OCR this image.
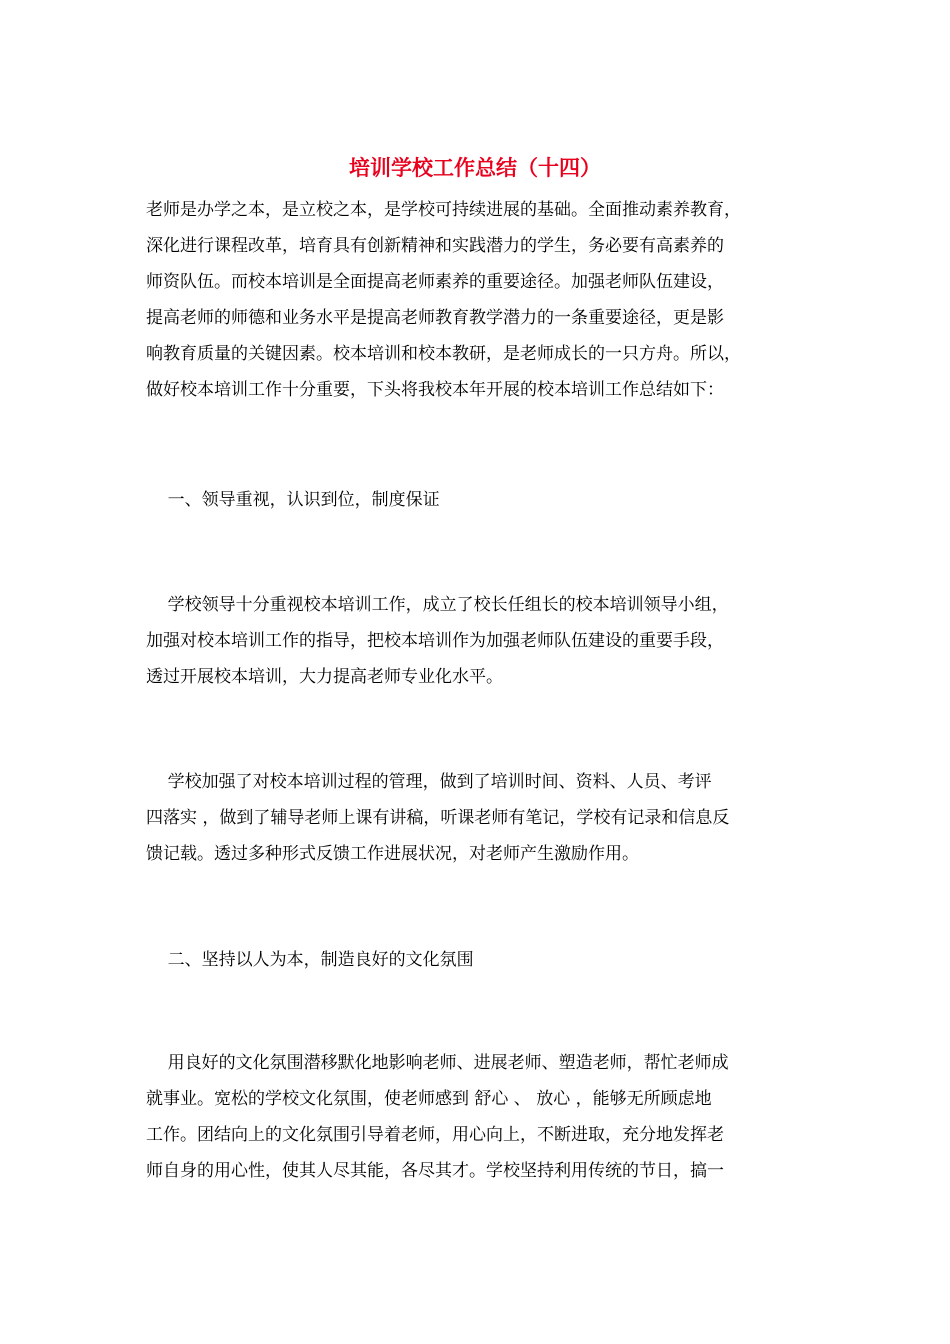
培训学校工作总结（十四）

老师是办学之本，是立校之本，是学校可持续进展的基础。全面推动素养教育，

深化进行课程改革，培育具有创新精神和实践潜力的学生，务必要有高素养的

师资队伍。而校本培训是全面提高老师素养的重要途径。加强老师队伍建设，

提高老师的师德和业务水平是提高老师教育教学潜力的一条重要途径，更是影

响教育质量的关键因素。校本培训和校本教研，是老师成长的一只方舟。所以，

做好校本培训工作十分重要，下头将我校本年开展的校本培训工作总结如下：

一、领导重视，认识到位，制度保证

学校领导十分重视校本培训工作，成立了校长任组长的校本培训领导小组，

加强对校本培训工作的指导，把校本培训作为加强老师队伍建设的重要手段，

透过开展校本培训，大力提高老师专业化水平。

学校加强了对校本培训过程的管理，做到了培训时间、资料、人员、考评

四落实 ，做到了辅导老师上课有讲稿，听课老师有笔记，学校有记录和信息反

馈记载。透过多种形式反馈工作进展状况，对老师产生激励作用。

二、坚持以人为本，制造良好的文化氛围

用良好的文化氛围潜移默化地影响老师、进展老师、塑造老师，帮忙老师成

就事业。宽松的学校文化氛围，使老师感到 舒心 、 放心 ，能够无所顾虑地

工作。团结向上的文化氛围引导着老师，用心向上，不断进取，充分地发挥老

师自身的用心性，使其人尽其能，各尽其才。学校坚持利用传统的节日，搞一
